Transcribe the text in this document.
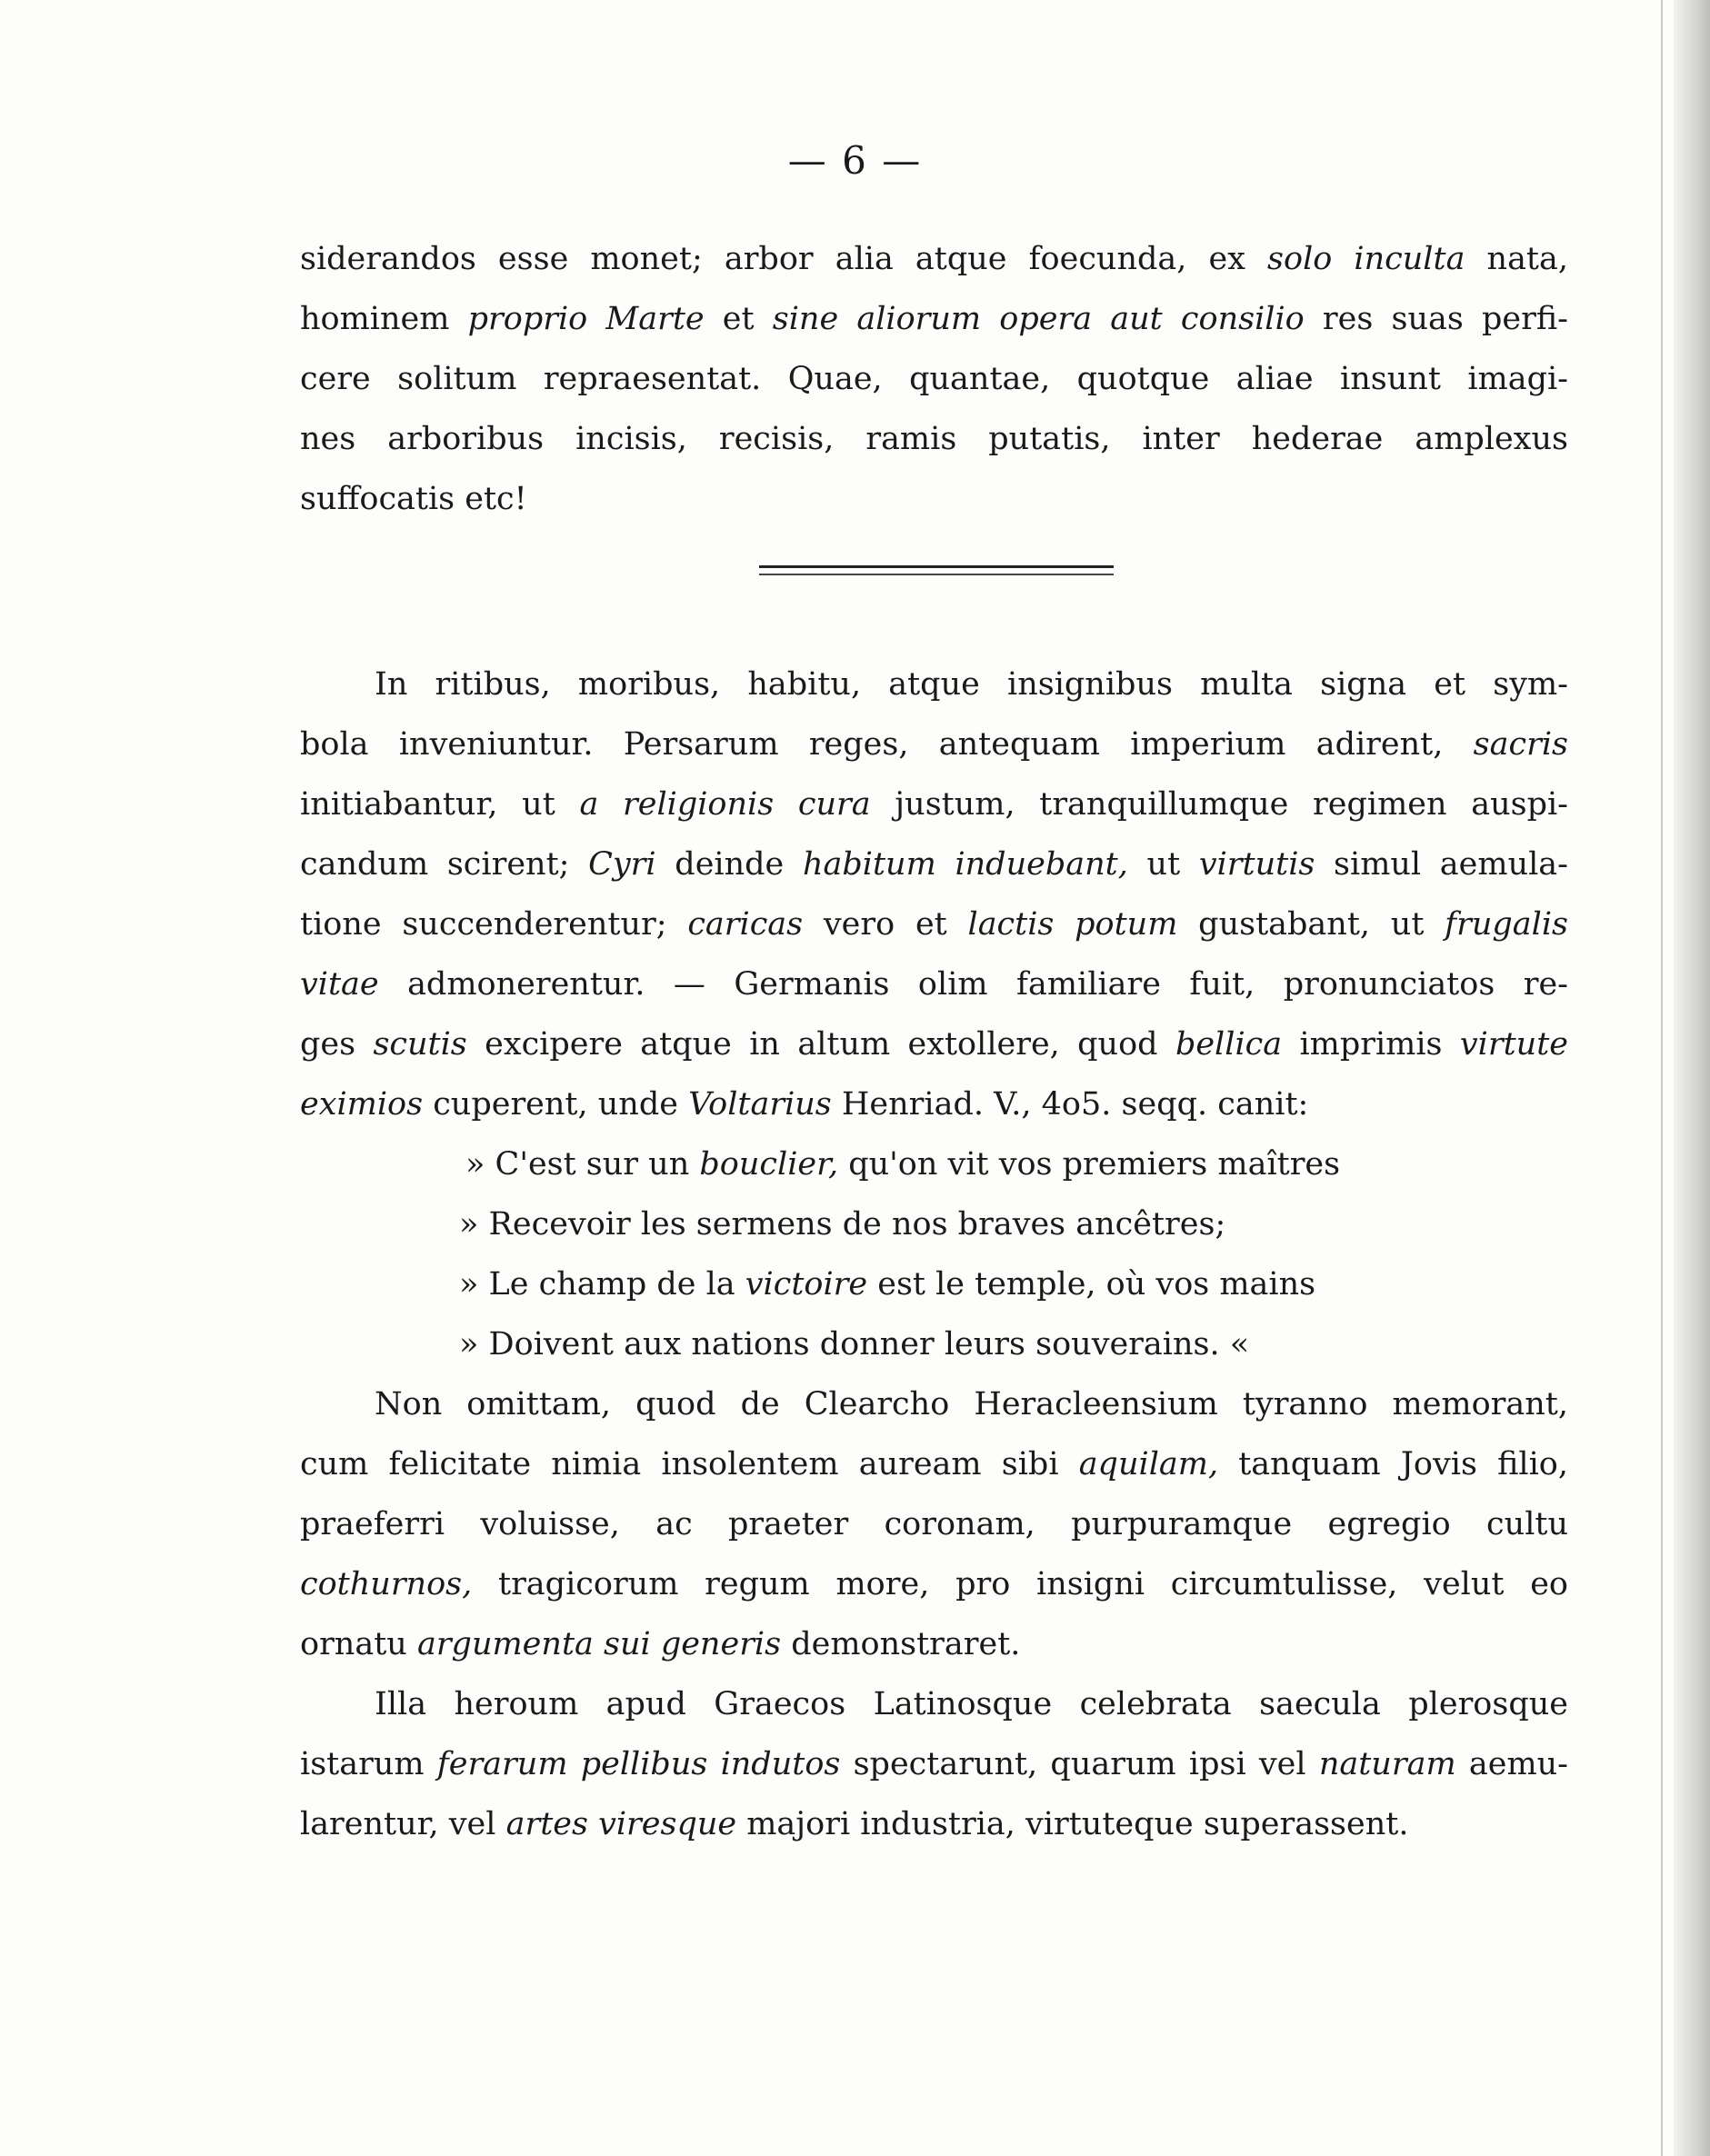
— 6 —
siderandos esse monet; arbor alia atque foecunda, ex solo inculta nata,
hominem proprio Marte et sine aliorum opera aut consilio res suas perfi-
cere solitum repraesentat. Quae, quantae, quotque aliae insunt imagi-
nes arboribus incisis, recisis, ramis putatis, inter hederae amplexus
suffocatis etc!
In ritibus, moribus, habitu, atque insignibus multa signa et sym-
bola inveniuntur. Persarum reges, antequam imperium adirent, sacris
initiabantur, ut a religionis cura justum, tranquillumque regimen auspi-
candum scirent; Cyri deinde habitum induebant, ut virtutis simul aemula-
tione succenderentur; caricas vero et lactis potum gustabant, ut frugalis
vitae admonerentur. — Germanis olim familiare fuit, pronunciatos re-
ges scutis excipere atque in altum extollere, quod bellica imprimis virtute
eximios cuperent, unde Voltarius Henriad. V., 4o5. seqq. canit:
» C'est sur un bouclier, qu'on vit vos premiers maîtres
» Recevoir les sermens de nos braves ancêtres;
» Le champ de la victoire est le temple, où vos mains
» Doivent aux nations donner leurs souverains. «
Non omittam, quod de Clearcho Heracleensium tyranno memorant,
cum felicitate nimia insolentem auream sibi aquilam, tanquam Jovis filio,
praeferri voluisse, ac praeter coronam, purpuramque egregio cultu
cothurnos, tragicorum regum more, pro insigni circumtulisse, velut eo
ornatu argumenta sui generis demonstraret.
Illa heroum apud Graecos Latinosque celebrata saecula plerosque
istarum ferarum pellibus indutos spectarunt, quarum ipsi vel naturam aemu-
larentur, vel artes viresque majori industria, virtuteque superassent.
